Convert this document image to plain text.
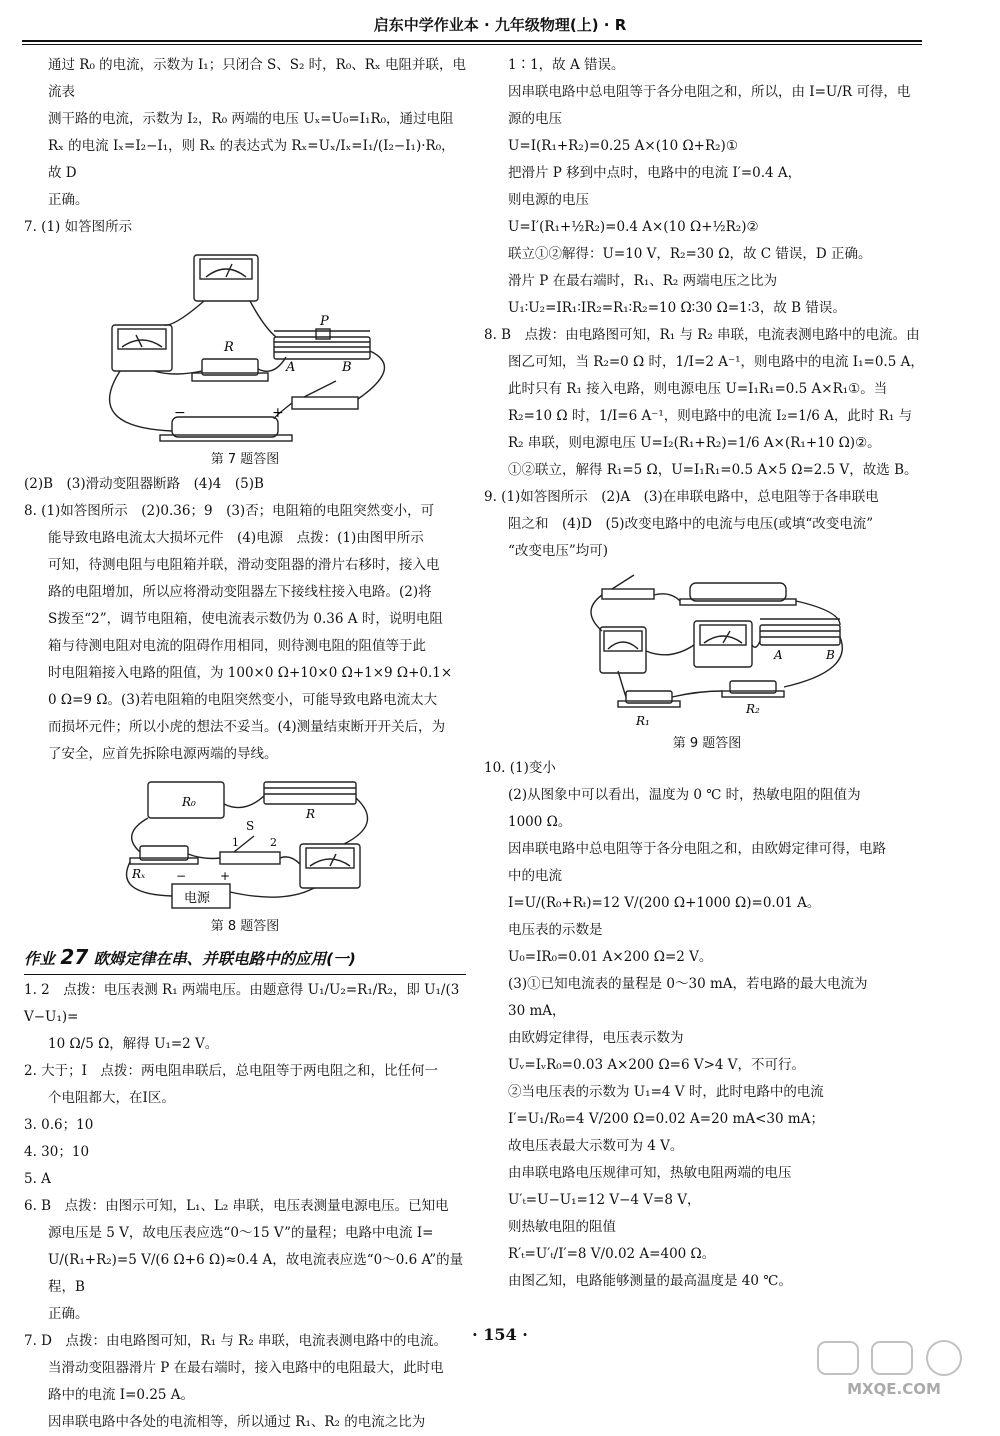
启东中学作业本 · 九年级物理(上) · R

通过 R₀ 的电流，示数为 I₁；只闭合 S、S₂ 时，R₀、Rₓ 电阻并联，电流表

测干路的电流，示数为 I₂，R₀ 两端的电压 Uₓ=U₀=I₁R₀，通过电阻

Rₓ 的电流 Iₓ=I₂−I₁，则 Rₓ 的表达式为 Rₓ=Uₓ/Iₓ=I₁/(I₂−I₁)·R₀，故 D

正确。

7. (1) 如答图所示

P
A	B
R
−	+
第 7 题答图

(2)B　(3)滑动变阻器断路　(4)4　(5)B

8. (1)如答图所示　(2)0.36；9　(3)否；电阻箱的电阻突然变小，可

能导致电路电流太大损坏元件　(4)电源　点拨：(1)由图甲所示

可知，待测电阻与电阻箱并联，滑动变阻器的滑片右移时，接入电

路的电阻增加，所以应将滑动变阻器左下接线柱接入电路。(2)将

S拨至“2”，调节电阻箱，使电流表示数仍为 0.36 A 时，说明电阻

箱与待测电阻对电流的阻碍作用相同，则待测电阻的阻值等于此

时电阻箱接入电路的阻值，为 100×0 Ω+10×0 Ω+1×9 Ω+0.1×

0 Ω=9 Ω。(3)若电阻箱的电阻突然变小，可能导致电路电流太大

而损坏元件；所以小虎的想法不妥当。(4)测量结束断开开关后，为

了安全，应首先拆除电源两端的导线。

R₀
R
S
1	2
Rₓ
电源
−	+
第 8 题答图
作业 27 欧姆定律在串、并联电路中的应用(一)

1. 2　点拨：电压表测 R₁ 两端电压。由题意得 U₁/U₂=R₁/R₂，即 U₁/(3 V−U₁)=

10 Ω/5 Ω，解得 U₁=2 V。

2. 大于；Ⅰ　点拨：两电阻串联后，总电阻等于两电阻之和，比任何一

个电阻都大，在Ⅰ区。

3. 0.6；10

4. 30；10

5. A

6. B　点拨：由图示可知，L₁、L₂ 串联，电压表测量电源电压。已知电

源电压是 5 V，故电压表应选“0～15 V”的量程；电路中电流 I=

U/(R₁+R₂)=5 V/(6 Ω+6 Ω)≈0.4 A，故电流表应选“0～0.6 A”的量程，B

正确。

7. D　点拨：由电路图可知，R₁ 与 R₂ 串联，电流表测电路中的电流。

当滑动变阻器滑片 P 在最右端时，接入电路中的电阻最大，此时电

路中的电流 I=0.25 A。

因串联电路中各处的电流相等，所以通过 R₁、R₂ 的电流之比为

1∶1，故 A 错误。

因串联电路中总电阻等于各分电阻之和，所以，由 I=U/R 可得，电

源的电压

U=I(R₁+R₂)=0.25 A×(10 Ω+R₂)①

把滑片 P 移到中点时，电路中的电流 I′=0.4 A，

则电源的电压

U=I′(R₁+½R₂)=0.4 A×(10 Ω+½R₂)②

联立①②解得：U=10 V，R₂=30 Ω，故 C 错误，D 正确。

滑片 P 在最右端时，R₁、R₂ 两端电压之比为

U₁∶U₂=IR₁∶IR₂=R₁∶R₂=10 Ω∶30 Ω=1∶3，故 B 错误。

8. B　点拨：由电路图可知，R₁ 与 R₂ 串联，电流表测电路中的电流。由

图乙可知，当 R₂=0 Ω 时，1/I=2 A⁻¹，则电路中的电流 I₁=0.5 A，

此时只有 R₁ 接入电路，则电源电压 U=I₁R₁=0.5 A×R₁①。当

R₂=10 Ω 时，1/I=6 A⁻¹，则电路中的电流 I₂=1/6 A，此时 R₁ 与

R₂ 串联，则电源电压 U=I₂(R₁+R₂)=1/6 A×(R₁+10 Ω)②。

①②联立，解得 R₁=5 Ω，U=I₁R₁=0.5 A×5 Ω=2.5 V，故选 B。

9. (1)如答图所示　(2)A　(3)在串联电路中，总电阻等于各串联电

阻之和　(4)D　(5)改变电路中的电流与电压(或填“改变电流”

“改变电压”均可)

A	B
R₁
R₂
第 9 题答图

10. (1)变小

(2)从图象中可以看出，温度为 0 ℃ 时，热敏电阻的阻值为

1000 Ω。

因串联电路中总电阻等于各分电阻之和，由欧姆定律可得，电路

中的电流

I=U/(R₀+Rₜ)=12 V/(200 Ω+1000 Ω)=0.01 A。

电压表的示数是

U₀=IR₀=0.01 A×200 Ω=2 V。

(3)①已知电流表的量程是 0～30 mA，若电路的最大电流为

30 mA，

由欧姆定律得，电压表示数为

Uᵥ=IᵥR₀=0.03 A×200 Ω=6 V>4 V，不可行。

②当电压表的示数为 U₁=4 V 时，此时电路中的电流

I′=U₁/R₀=4 V/200 Ω=0.02 A=20 mA<30 mA；

故电压表最大示数可为 4 V。

由串联电路电压规律可知，热敏电阻两端的电压

U′ₜ=U−U₁=12 V−4 V=8 V，

则热敏电阻的阻值

R′ₜ=U′ₜ/I′=8 V/0.02 A=400 Ω。

由图乙知，电路能够测量的最高温度是 40 ℃。

· 154 ·
MXQE.COM
